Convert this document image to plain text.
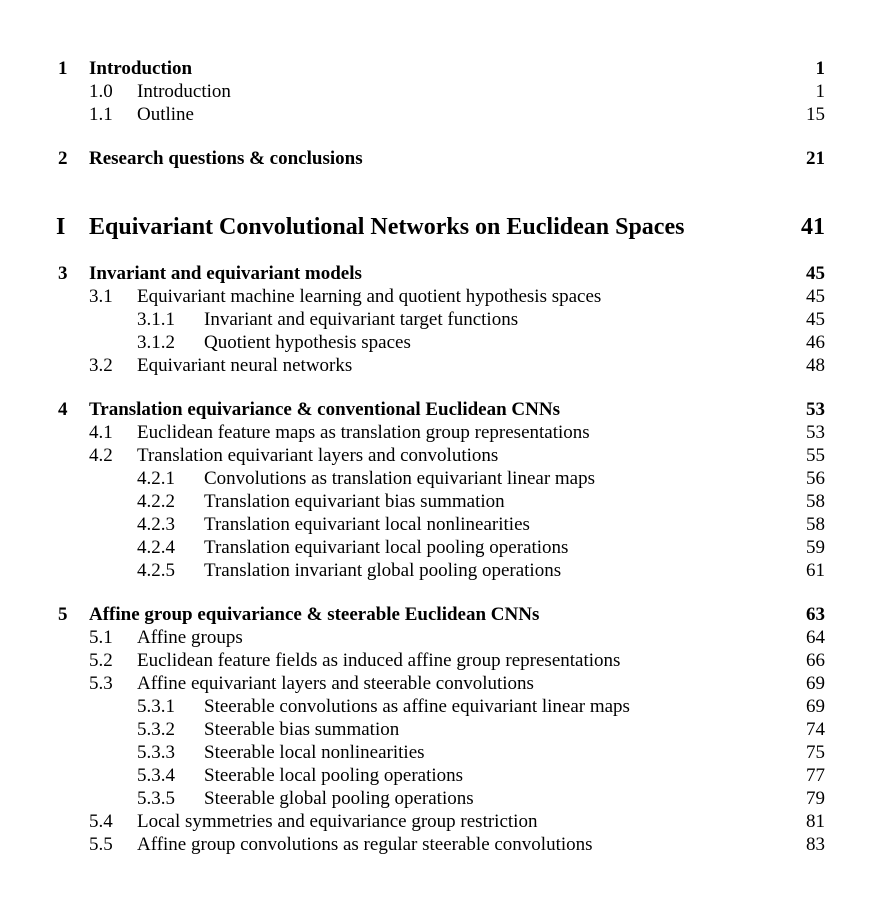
1 Introduction	1
1.0 Introduction	1
1.1 Outline	15
2 Research questions & conclusions	21
I Equivariant Convolutional Networks on Euclidean Spaces	41
3 Invariant and equivariant models	45
3.1 Equivariant machine learning and quotient hypothesis spaces	45
3.1.1 Invariant and equivariant target functions	45
3.1.2 Quotient hypothesis spaces	46
3.2 Equivariant neural networks	48
4 Translation equivariance & conventional Euclidean CNNs	53
4.1 Euclidean feature maps as translation group representations	53
4.2 Translation equivariant layers and convolutions	55
4.2.1 Convolutions as translation equivariant linear maps	56
4.2.2 Translation equivariant bias summation	58
4.2.3 Translation equivariant local nonlinearities	58
4.2.4 Translation equivariant local pooling operations	59
4.2.5 Translation invariant global pooling operations	61
5 Affine group equivariance & steerable Euclidean CNNs	63
5.1 Affine groups	64
5.2 Euclidean feature fields as induced affine group representations	66
5.3 Affine equivariant layers and steerable convolutions	69
5.3.1 Steerable convolutions as affine equivariant linear maps	69
5.3.2 Steerable bias summation	74
5.3.3 Steerable local nonlinearities	75
5.3.4 Steerable local pooling operations	77
5.3.5 Steerable global pooling operations	79
5.4 Local symmetries and equivariance group restriction	81
5.5 Affine group convolutions as regular steerable convolutions	83
